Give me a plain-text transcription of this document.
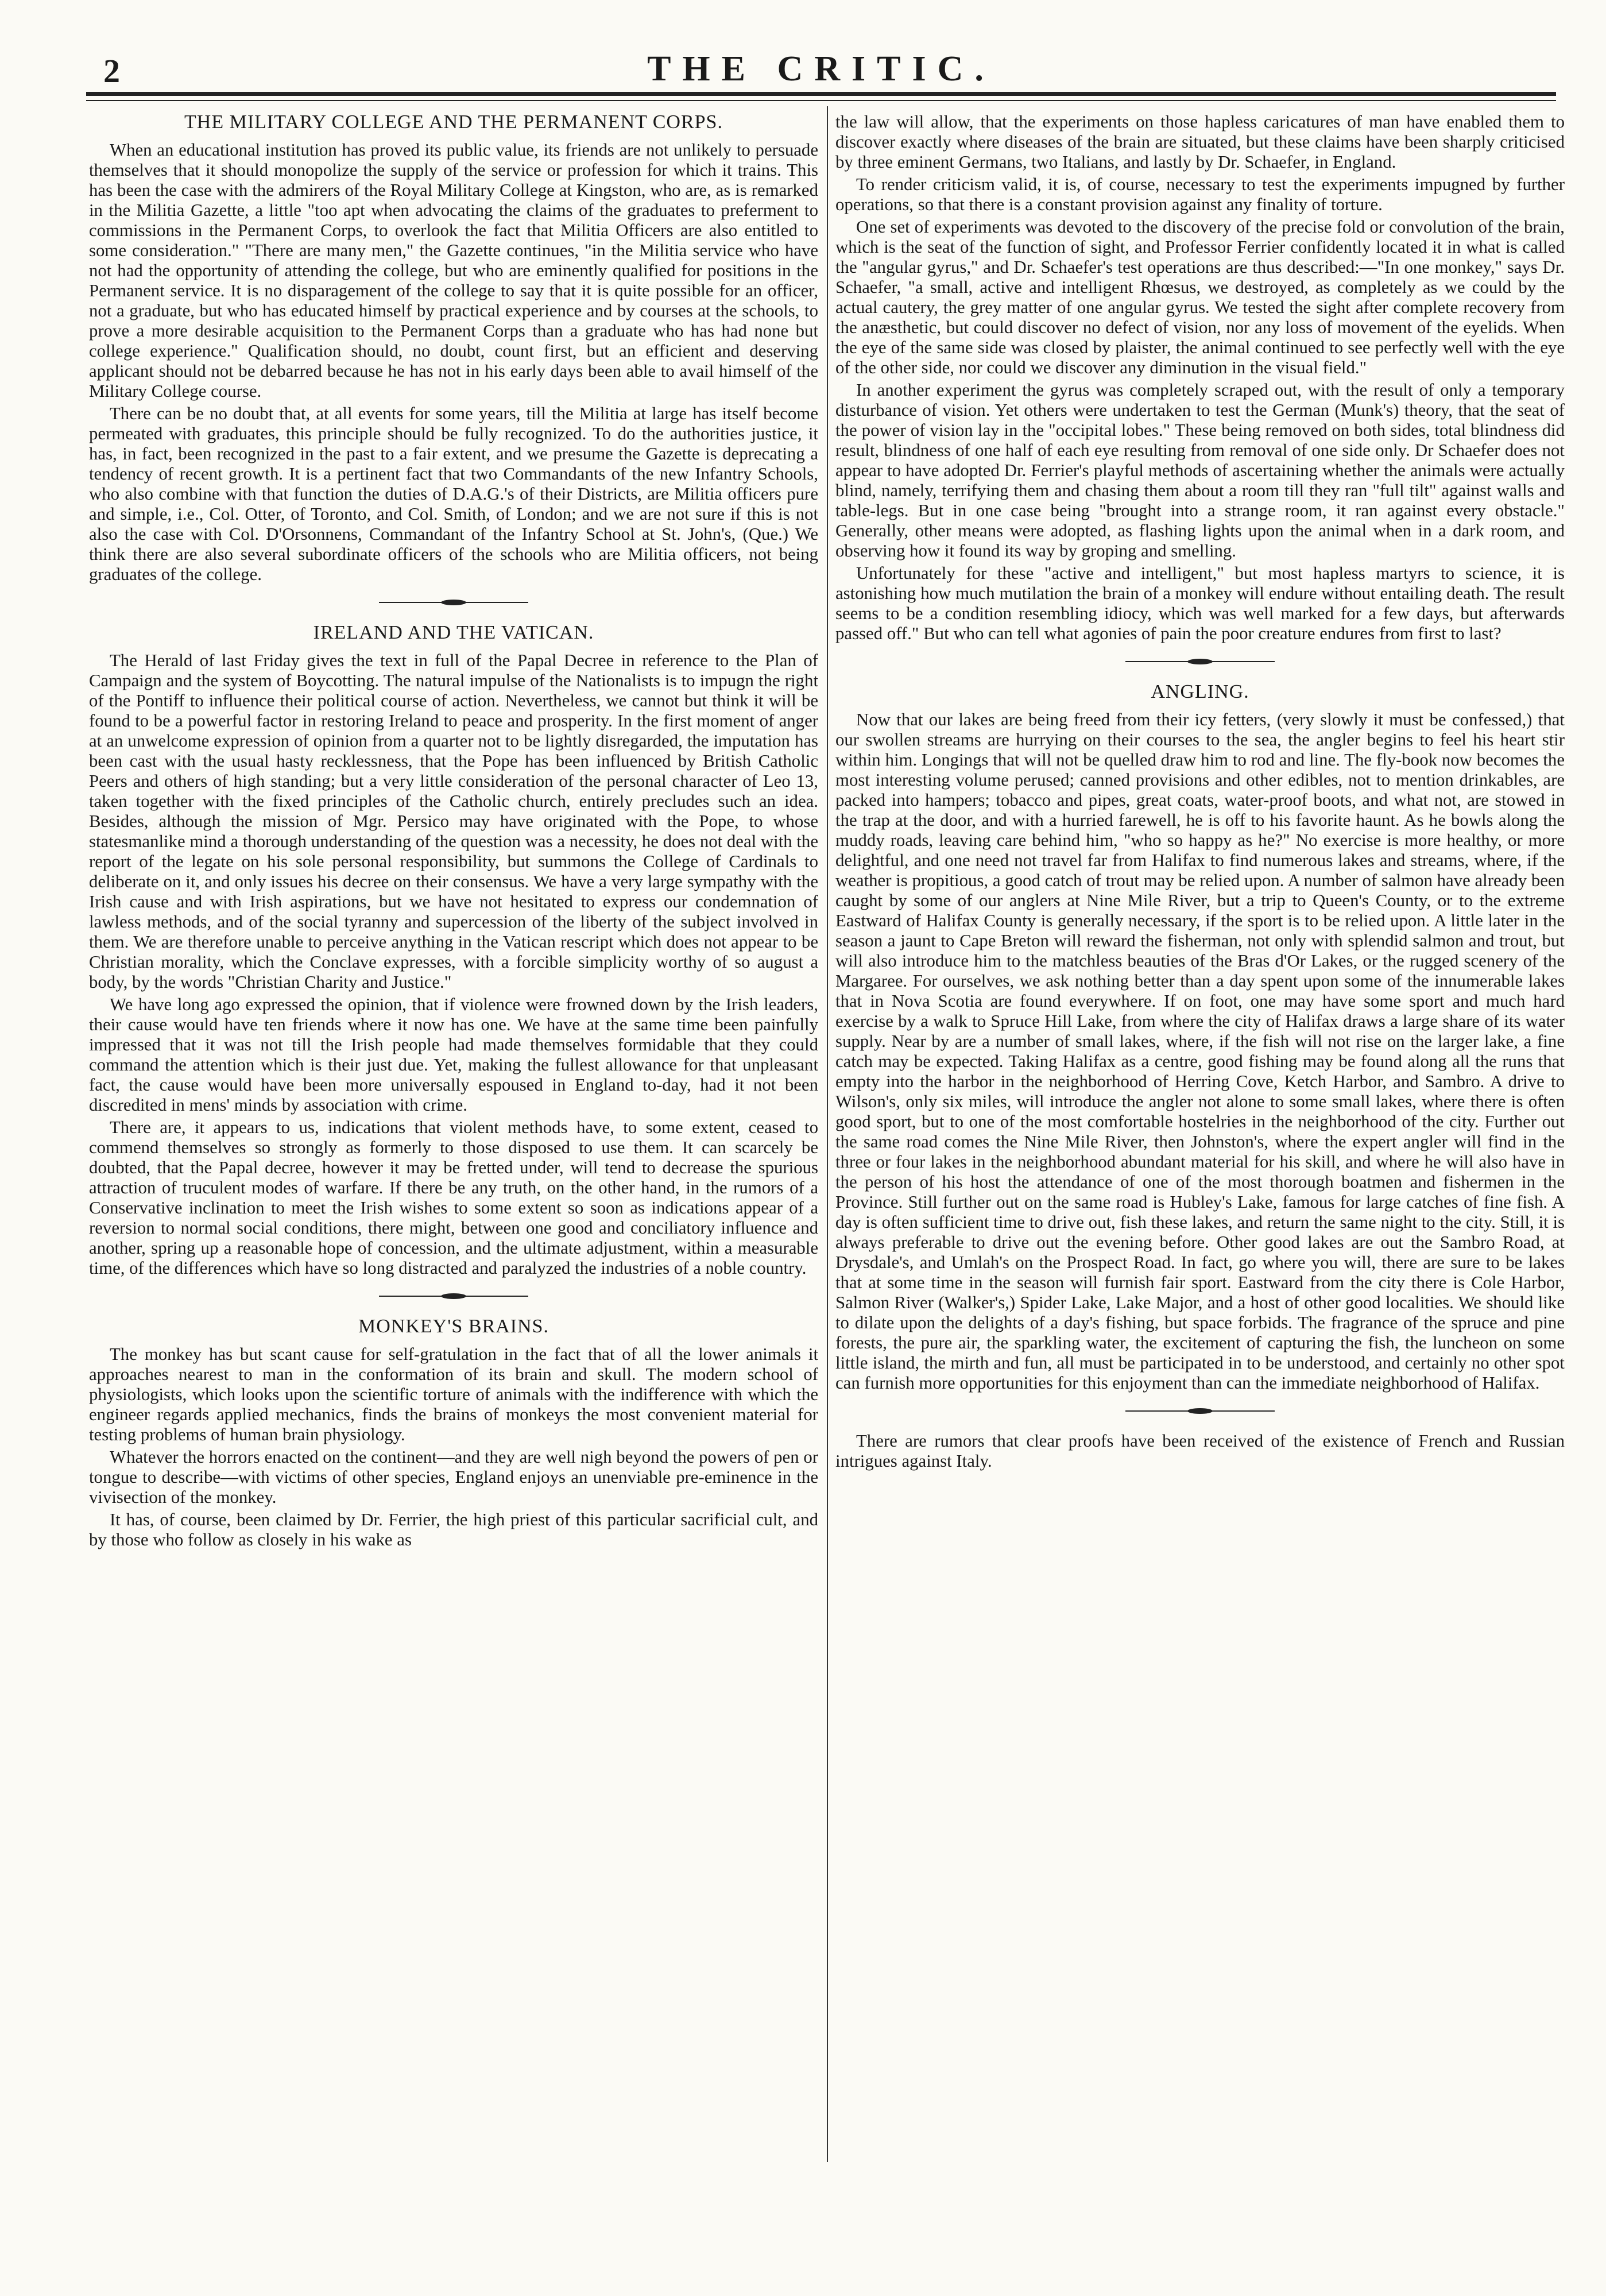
2	THE CRITIC.
THE MILITARY COLLEGE AND THE PERMANENT CORPS.

When an educational institution has proved its public value, its friends are not unlikely to persuade themselves that it should monopolize the supply of the service or profession for which it trains. This has been the case with the admirers of the Royal Military College at Kingston, who are, as is remarked in the Militia Gazette, a little "too apt when advocating the claims of the graduates to preferment to commissions in the Permanent Corps, to overlook the fact that Militia Officers are also entitled to some consideration." "There are many men," the Gazette continues, "in the Militia service who have not had the opportunity of attending the college, but who are eminently qualified for positions in the Permanent service. It is no disparagement of the college to say that it is quite possible for an officer, not a graduate, but who has educated himself by practical experience and by courses at the schools, to prove a more desirable acquisition to the Permanent Corps than a graduate who has had none but college experience." Qualification should, no doubt, count first, but an efficient and deserving applicant should not be debarred because he has not in his early days been able to avail himself of the Military College course.

There can be no doubt that, at all events for some years, till the Militia at large has itself become permeated with graduates, this principle should be fully recognized. To do the authorities justice, it has, in fact, been recognized in the past to a fair extent, and we presume the Gazette is deprecating a tendency of recent growth. It is a pertinent fact that two Commandants of the new Infantry Schools, who also combine with that function the duties of D.A.G.'s of their Districts, are Militia officers pure and simple, i.e., Col. Otter, of Toronto, and Col. Smith, of London; and we are not sure if this is not also the case with Col. D'Orsonnens, Commandant of the Infantry School at St. John's, (Que.) We think there are also several subordinate officers of the schools who are Militia officers, not being graduates of the college.

IRELAND AND THE VATICAN.

The Herald of last Friday gives the text in full of the Papal Decree in reference to the Plan of Campaign and the system of Boycotting. The natural impulse of the Nationalists is to impugn the right of the Pontiff to influence their political course of action. Nevertheless, we cannot but think it will be found to be a powerful factor in restoring Ireland to peace and prosperity. In the first moment of anger at an unwelcome expression of opinion from a quarter not to be lightly disregarded, the imputation has been cast with the usual hasty recklessness, that the Pope has been influenced by British Catholic Peers and others of high standing; but a very little consideration of the personal character of Leo 13, taken together with the fixed principles of the Catholic church, entirely precludes such an idea. Besides, although the mission of Mgr. Persico may have originated with the Pope, to whose statesmanlike mind a thorough understanding of the question was a necessity, he does not deal with the report of the legate on his sole personal responsibility, but summons the College of Cardinals to deliberate on it, and only issues his decree on their consensus. We have a very large sympathy with the Irish cause and with Irish aspirations, but we have not hesitated to express our condemnation of lawless methods, and of the social tyranny and supercession of the liberty of the subject involved in them. We are therefore unable to perceive anything in the Vatican rescript which does not appear to be Christian morality, which the Conclave expresses, with a forcible simplicity worthy of so august a body, by the words "Christian Charity and Justice."

We have long ago expressed the opinion, that if violence were frowned down by the Irish leaders, their cause would have ten friends where it now has one. We have at the same time been painfully impressed that it was not till the Irish people had made themselves formidable that they could command the attention which is their just due. Yet, making the fullest allowance for that unpleasant fact, the cause would have been more universally espoused in England to-day, had it not been discredited in mens' minds by association with crime.

There are, it appears to us, indications that violent methods have, to some extent, ceased to commend themselves so strongly as formerly to those disposed to use them. It can scarcely be doubted, that the Papal decree, however it may be fretted under, will tend to decrease the spurious attraction of truculent modes of warfare. If there be any truth, on the other hand, in the rumors of a Conservative inclination to meet the Irish wishes to some extent so soon as indications appear of a reversion to normal social conditions, there might, between one good and conciliatory influence and another, spring up a reasonable hope of concession, and the ultimate adjustment, within a measurable time, of the differences which have so long distracted and paralyzed the industries of a noble country.

MONKEY'S BRAINS.

The monkey has but scant cause for self-gratulation in the fact that of all the lower animals it approaches nearest to man in the conformation of its brain and skull. The modern school of physiologists, which looks upon the scientific torture of animals with the indifference with which the engineer regards applied mechanics, finds the brains of monkeys the most convenient material for testing problems of human brain physiology.

Whatever the horrors enacted on the continent—and they are well nigh beyond the powers of pen or tongue to describe—with victims of other species, England enjoys an unenviable pre-eminence in the vivisection of the monkey.

It has, of course, been claimed by Dr. Ferrier, the high priest of this particular sacrificial cult, and by those who follow as closely in his wake as

the law will allow, that the experiments on those hapless caricatures of man have enabled them to discover exactly where diseases of the brain are situated, but these claims have been sharply criticised by three eminent Germans, two Italians, and lastly by Dr. Schaefer, in England.

To render criticism valid, it is, of course, necessary to test the experiments impugned by further operations, so that there is a constant provision against any finality of torture.

One set of experiments was devoted to the discovery of the precise fold or convolution of the brain, which is the seat of the function of sight, and Professor Ferrier confidently located it in what is called the "angular gyrus," and Dr. Schaefer's test operations are thus described:—"In one monkey," says Dr. Schaefer, "a small, active and intelligent Rhœsus, we destroyed, as completely as we could by the actual cautery, the grey matter of one angular gyrus. We tested the sight after complete recovery from the anæsthetic, but could discover no defect of vision, nor any loss of movement of the eyelids. When the eye of the same side was closed by plaister, the animal continued to see perfectly well with the eye of the other side, nor could we discover any diminution in the visual field."

In another experiment the gyrus was completely scraped out, with the result of only a temporary disturbance of vision. Yet others were undertaken to test the German (Munk's) theory, that the seat of the power of vision lay in the "occipital lobes." These being removed on both sides, total blindness did result, blindness of one half of each eye resulting from removal of one side only. Dr Schaefer does not appear to have adopted Dr. Ferrier's playful methods of ascertaining whether the animals were actually blind, namely, terrifying them and chasing them about a room till they ran "full tilt" against walls and table-legs. But in one case being "brought into a strange room, it ran against every obstacle." Generally, other means were adopted, as flashing lights upon the animal when in a dark room, and observing how it found its way by groping and smelling.

Unfortunately for these "active and intelligent," but most hapless martyrs to science, it is astonishing how much mutilation the brain of a monkey will endure without entailing death. The result seems to be a condition resembling idiocy, which was well marked for a few days, but afterwards passed off." But who can tell what agonies of pain the poor creature endures from first to last?

ANGLING.

Now that our lakes are being freed from their icy fetters, (very slowly it must be confessed,) that our swollen streams are hurrying on their courses to the sea, the angler begins to feel his heart stir within him. Longings that will not be quelled draw him to rod and line. The fly-book now becomes the most interesting volume perused; canned provisions and other edibles, not to mention drinkables, are packed into hampers; tobacco and pipes, great coats, water-proof boots, and what not, are stowed in the trap at the door, and with a hurried farewell, he is off to his favorite haunt. As he bowls along the muddy roads, leaving care behind him, "who so happy as he?" No exercise is more healthy, or more delightful, and one need not travel far from Halifax to find numerous lakes and streams, where, if the weather is propitious, a good catch of trout may be relied upon. A number of salmon have already been caught by some of our anglers at Nine Mile River, but a trip to Queen's County, or to the extreme Eastward of Halifax County is generally necessary, if the sport is to be relied upon. A little later in the season a jaunt to Cape Breton will reward the fisherman, not only with splendid salmon and trout, but will also introduce him to the matchless beauties of the Bras d'Or Lakes, or the rugged scenery of the Margaree. For ourselves, we ask nothing better than a day spent upon some of the innumerable lakes that in Nova Scotia are found everywhere. If on foot, one may have some sport and much hard exercise by a walk to Spruce Hill Lake, from where the city of Halifax draws a large share of its water supply. Near by are a number of small lakes, where, if the fish will not rise on the larger lake, a fine catch may be expected. Taking Halifax as a centre, good fishing may be found along all the runs that empty into the harbor in the neighborhood of Herring Cove, Ketch Harbor, and Sambro. A drive to Wilson's, only six miles, will introduce the angler not alone to some small lakes, where there is often good sport, but to one of the most comfortable hostelries in the neighborhood of the city. Further out the same road comes the Nine Mile River, then Johnston's, where the expert angler will find in the three or four lakes in the neighborhood abundant material for his skill, and where he will also have in the person of his host the attendance of one of the most thorough boatmen and fishermen in the Province. Still further out on the same road is Hubley's Lake, famous for large catches of fine fish. A day is often sufficient time to drive out, fish these lakes, and return the same night to the city. Still, it is always preferable to drive out the evening before. Other good lakes are out the Sambro Road, at Drysdale's, and Umlah's on the Prospect Road. In fact, go where you will, there are sure to be lakes that at some time in the season will furnish fair sport. Eastward from the city there is Cole Harbor, Salmon River (Walker's,) Spider Lake, Lake Major, and a host of other good localities. We should like to dilate upon the delights of a day's fishing, but space forbids. The fragrance of the spruce and pine forests, the pure air, the sparkling water, the excitement of capturing the fish, the luncheon on some little island, the mirth and fun, all must be participated in to be understood, and certainly no other spot can furnish more opportunities for this enjoyment than can the immediate neighborhood of Halifax.

There are rumors that clear proofs have been received of the existence of French and Russian intrigues against Italy.
